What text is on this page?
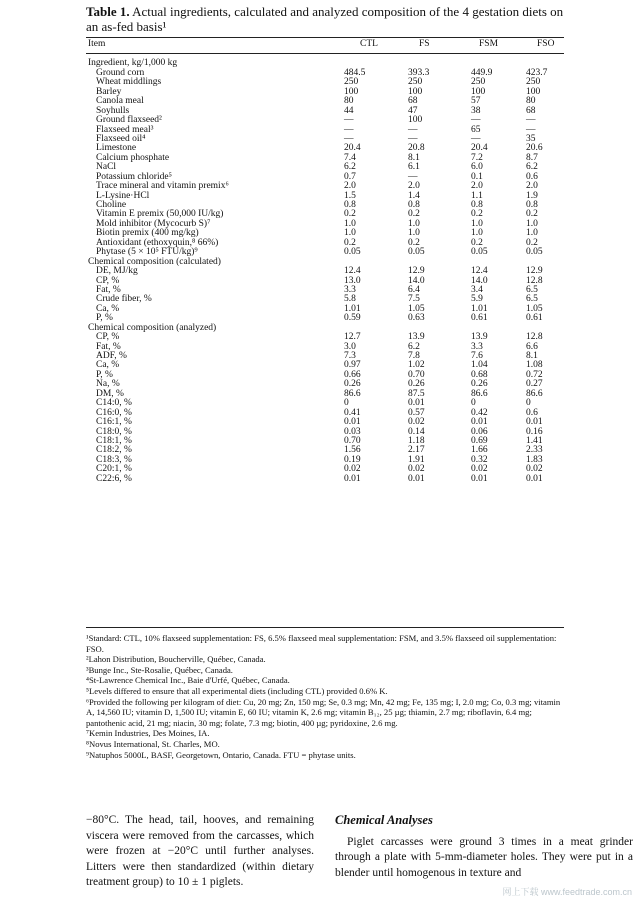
Table 1. Actual ingredients, calculated and analyzed composition of the 4 gestation diets on an as-fed basis¹
Item	CTL	FS	FSM	FSO
Ingredient, kg/1,000 kg
Ground corn	484.5	393.3	449.9	423.7
Wheat middlings	250	250	250	250
Barley	100	100	100	100
Canola meal	80	68	57	80
Soyhulls	44	47	38	68
Ground flaxseed²	—	100	—	—
Flaxseed meal³	—	—	65	—
Flaxseed oil⁴	—	—	—	35
Limestone	20.4	20.8	20.4	20.6
Calcium phosphate	7.4	8.1	7.2	8.7
NaCl	6.2	6.1	6.0	6.2
Potassium chloride⁵	0.7	—	0.1	0.6
Trace mineral and vitamin premix⁶	2.0	2.0	2.0	2.0
L-Lysine·HCl	1.5	1.4	1.1	1.9
Choline	0.8	0.8	0.8	0.8
Vitamin E premix (50,000 IU/kg)	0.2	0.2	0.2	0.2
Mold inhibitor (Mycocurb S)⁷	1.0	1.0	1.0	1.0
Biotin premix (400 mg/kg)	1.0	1.0	1.0	1.0
Antioxidant (ethoxyquin,⁸ 66%)	0.2	0.2	0.2	0.2
Phytase (5 × 10⁵ FTU/kg)⁹	0.05	0.05	0.05	0.05
Chemical composition (calculated)
DE, MJ/kg	12.4	12.9	12.4	12.9
CP, %	13.0	14.0	14.0	12.8
Fat, %	3.3	6.4	3.4	6.5
Crude fiber, %	5.8	7.5	5.9	6.5
Ca, %	1.01	1.05	1.01	1.05
P, %	0.59	0.63	0.61	0.61
Chemical composition (analyzed)
CP, %	12.7	13.9	13.9	12.8
Fat, %	3.0	6.2	3.3	6.6
ADF, %	7.3	7.8	7.6	8.1
Ca, %	0.97	1.02	1.04	1.08
P, %	0.66	0.70	0.68	0.72
Na, %	0.26	0.26	0.26	0.27
DM, %	86.6	87.5	86.6	86.6
C14:0, %	0	0.01	0	0
C16:0, %	0.41	0.57	0.42	0.6
C16:1, %	0.01	0.02	0.01	0.01
C18:0, %	0.03	0.14	0.06	0.16
C18:1, %	0.70	1.18	0.69	1.41
C18:2, %	1.56	2.17	1.66	2.33
C18:3, %	0.19	1.91	0.32	1.83
C20:1, %	0.02	0.02	0.02	0.02
C22:6, %	0.01	0.01	0.01	0.01

¹Standard: CTL, 10% flaxseed supplementation: FS, 6.5% flaxseed meal supplementation: FSM, and 3.5% flaxseed oil supplementation: FSO.

²Lahon Distribution, Boucherville, Québec, Canada.

³Bunge Inc., Ste-Rosalie, Québec, Canada.

⁴St-Lawrence Chemical Inc., Baie d'Urfé, Québec, Canada.

⁵Levels differed to ensure that all experimental diets (including CTL) provided 0.6% K.

⁶Provided the following per kilogram of diet: Cu, 20 mg; Zn, 150 mg; Se, 0.3 mg; Mn, 42 mg; Fe, 135 mg; I, 2.0 mg; Co, 0.3 mg; vitamin A, 14,560 IU; vitamin D, 1,500 IU; vitamin E, 60 IU; vitamin K, 2.6 mg; vitamin B₁₂, 25 µg; thiamin, 2.7 mg; riboflavin, 6.4 mg; pantothenic acid, 21 mg; niacin, 30 mg; folate, 7.3 mg; biotin, 400 µg; pyridoxine, 2.6 mg.

⁷Kemin Industries, Des Moines, IA.

⁸Novus International, St. Charles, MO.

⁹Natuphos 5000L, BASF, Georgetown, Ontario, Canada. FTU = phytase units.

−80°C. The head, tail, hooves, and remaining viscera were removed from the carcasses, which were frozen at −20°C until further analyses. Litters were then standardized (within dietary treatment group) to 10 ± 1 piglets.

Chemical Analyses

Piglet carcasses were ground 3 times in a meat grinder through a plate with 5-mm-diameter holes. They were put in a blender until homogenous in texture and

网上下载 www.feedtrade.com.cn
